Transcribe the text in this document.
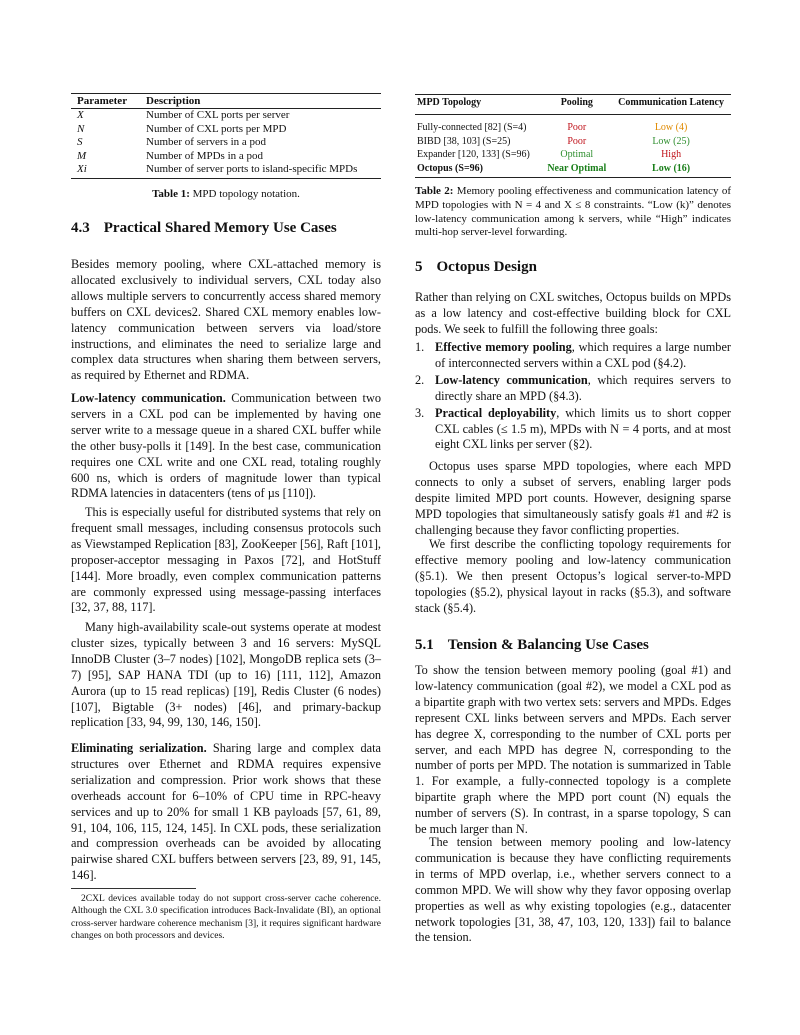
Parameter	Description
X	Number of CXL ports per server
N	Number of CXL ports per MPD
S	Number of servers in a pod
M	Number of MPDs in a pod
Xi	Number of server ports to island-specific MPDs
Table 1: MPD topology notation.
4.3 Practical Shared Memory Use Cases

Besides memory pooling, where CXL-attached memory is allocated exclusively to individual servers, CXL today also allows multiple servers to concurrently access shared memory buffers on CXL devices2. Shared CXL memory enables low-latency communication between servers via load/store instructions, and eliminates the need to serialize large and complex data structures when sharing them between servers, as required by Ethernet and RDMA.

Low-latency communication. Communication between two servers in a CXL pod can be implemented by having one server write to a message queue in a shared CXL buffer while the other busy-polls it [149]. In the best case, communication requires one CXL write and one CXL read, totaling roughly 600 ns, which is orders of magnitude lower than typical RDMA latencies in datacenters (tens of µs [110]).

This is especially useful for distributed systems that rely on frequent small messages, including consensus protocols such as Viewstamped Replication [83], ZooKeeper [56], Raft [101], proposer-acceptor messaging in Paxos [72], and HotStuff [144]. More broadly, even complex communication patterns are commonly expressed using message-passing interfaces [32, 37, 88, 117].

Many high-availability scale-out systems operate at modest cluster sizes, typically between 3 and 16 servers: MySQL InnoDB Cluster (3–7 nodes) [102], MongoDB replica sets (3–7) [95], SAP HANA TDI (up to 16) [111, 112], Amazon Aurora (up to 15 read replicas) [19], Redis Cluster (6 nodes) [107], Bigtable (3+ nodes) [46], and primary-backup replication [33, 94, 99, 130, 146, 150].

Eliminating serialization. Sharing large and complex data structures over Ethernet and RDMA requires expensive serialization and compression. Prior work shows that these overheads account for 6–10% of CPU time in RPC-heavy services and up to 20% for small 1 KB payloads [57, 61, 89, 91, 104, 106, 115, 124, 145]. In CXL pods, these serialization and compression overheads can be avoided by allocating pairwise shared CXL buffers between servers [23, 89, 91, 145, 146].

2CXL devices available today do not support cross-server cache coherence. Although the CXL 3.0 specification introduces Back-Invalidate (BI), an optional cross-server hardware coherence mechanism [3], it requires significant hardware changes on both processors and devices.
MPD Topology	Pooling	Communication Latency
Fully-connected [82] (S=4)	Poor	Low (4)
BIBD [38, 103] (S=25)	Poor	Low (25)
Expander [120, 133] (S=96)	Optimal	High
Octopus (S=96)	Near Optimal	Low (16)
Table 2: Memory pooling effectiveness and communication latency of MPD topologies with N = 4 and X ≤ 8 constraints. “Low (k)” denotes low-latency communication among k servers, while “High” indicates multi-hop server-level forwarding.
5 Octopus Design

Rather than relying on CXL switches, Octopus builds on MPDs as a low latency and cost-effective building block for CXL pods. We seek to fulfill the following three goals:

1. Effective memory pooling, which requires a large number of interconnected servers within a CXL pod (§4.2).
2. Low-latency communication, which requires servers to directly share an MPD (§4.3).
3. Practical deployability, which limits us to short copper CXL cables (≤ 1.5 m), MPDs with N = 4 ports, and at most eight CXL links per server (§2).

Octopus uses sparse MPD topologies, where each MPD connects to only a subset of servers, enabling larger pods despite limited MPD port counts. However, designing sparse MPD topologies that simultaneously satisfy goals #1 and #2 is challenging because they favor conflicting properties.

We first describe the conflicting topology requirements for effective memory pooling and low-latency communication (§5.1). We then present Octopus’s logical server-to-MPD topologies (§5.2), physical layout in racks (§5.3), and software stack (§5.4).

5.1 Tension & Balancing Use Cases

To show the tension between memory pooling (goal #1) and low-latency communication (goal #2), we model a CXL pod as a bipartite graph with two vertex sets: servers and MPDs. Edges represent CXL links between servers and MPDs. Each server has degree X, corresponding to the number of CXL ports per server, and each MPD has degree N, corresponding to the number of ports per MPD. The notation is summarized in Table 1. For example, a fully-connected topology is a complete bipartite graph where the MPD port count (N) equals the number of servers (S). In contrast, in a sparse topology, S can be much larger than N.

The tension between memory pooling and low-latency communication is because they have conflicting requirements in terms of MPD overlap, i.e., whether servers connect to a common MPD. We will show why they favor opposing overlap properties as well as why existing topologies (e.g., datacenter network topologies [31, 38, 47, 103, 120, 133]) fail to balance the tension.
